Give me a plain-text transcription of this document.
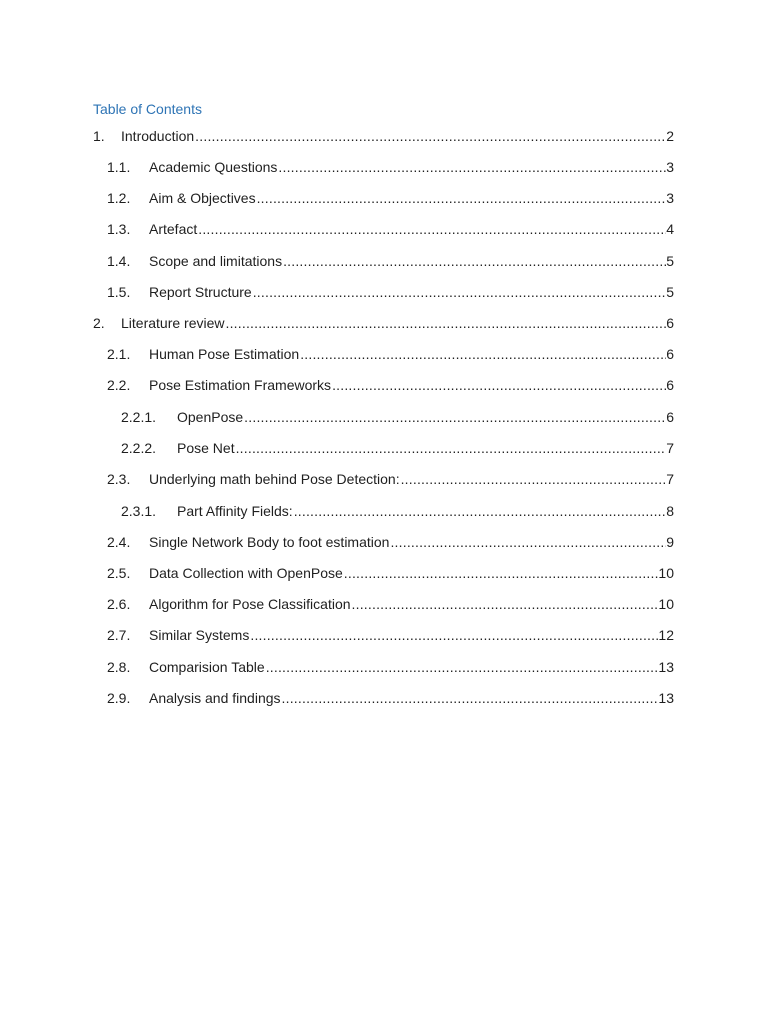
Table of Contents
1.	Introduction .....	2
1.1.	Academic Questions .....	3
1.2.	Aim & Objectives .....	3
1.3.	Artefact .....	4
1.4.	Scope and limitations .....	5
1.5.	Report Structure .....	5
2.	Literature review .....	6
2.1.	Human Pose Estimation .....	6
2.2.	Pose Estimation Frameworks .....	6
2.2.1.	OpenPose .....	6
2.2.2.	Pose Net .....	7
2.3.	Underlying math behind Pose Detection: .....	7
2.3.1.	Part Affinity Fields: .....	8
2.4.	Single Network Body to foot estimation .....	9
2.5.	Data Collection with OpenPose .....	10
2.6.	Algorithm for Pose Classification .....	10
2.7.	Similar Systems .....	12
2.8.	Comparision Table .....	13
2.9.	Analysis and findings .....	13
